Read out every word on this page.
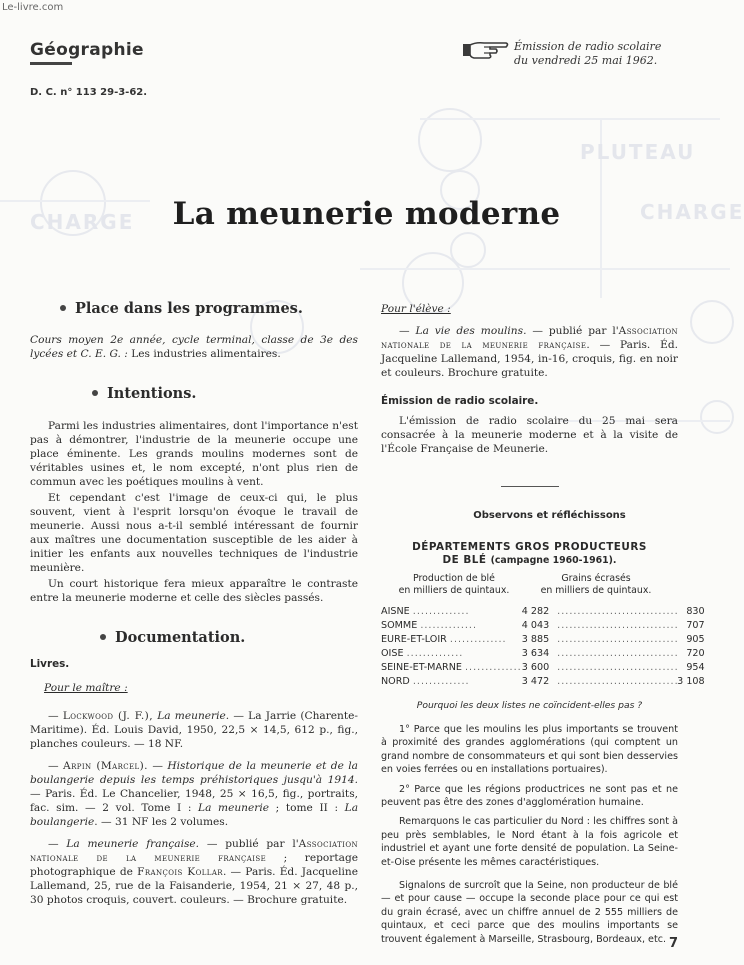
PLUTEAU
CHARGE
CHARGE
Le-livre.com
Géographie
D. C. n° 113 29-3-62.
Émission de radio scolaire
du vendredi 25 mai 1962.
La meunerie moderne
Place dans les programmes.

Cours moyen 2e année, cycle terminal, classe de 3e des lycées et C. E. G. : Les industries alimentaires.

Intentions.

Parmi les industries alimentaires, dont l'importance n'est pas à démontrer, l'industrie de la meunerie occupe une place éminente. Les grands moulins modernes sont de véritables usines et, le nom excepté, n'ont plus rien de commun avec les poétiques moulins à vent.

Et cependant c'est l'image de ceux-ci qui, le plus souvent, vient à l'esprit lorsqu'on évoque le travail de meunerie. Aussi nous a-t-il semblé intéressant de fournir aux maîtres une documentation susceptible de les aider à initier les enfants aux nouvelles techniques de l'industrie meunière.

Un court historique fera mieux apparaître le contraste entre la meunerie moderne et celle des siècles passés.

Documentation.

Livres.

Pour le maître :

— Lockwood (J. F.), La meunerie. — La Jarrie (Charente-Maritime). Éd. Louis David, 1950, 22,5 × 14,5, 612 p., fig., planches couleurs. — 18 NF.

— Arpin (Marcel). — Historique de la meunerie et de la boulangerie depuis les temps préhistoriques jusqu'à 1914. — Paris. Éd. Le Chancelier, 1948, 25 × 16,5, fig., portraits, fac. sim. — 2 vol. Tome I : La meunerie ; tome II : La boulangerie. — 31 NF les 2 volumes.

— La meunerie française. — publié par l'Association nationale de la meunerie française ; reportage photographique de François Kollar. — Paris. Éd. Jacqueline Lallemand, 25, rue de la Faisanderie, 1954, 21 × 27, 48 p., 30 photos croquis, couvert. couleurs. — Brochure gratuite.

Pour l'élève :

— La vie des moulins. — publié par l'Association nationale de la meunerie française. — Paris. Éd. Jacqueline Lallemand, 1954, in-16, croquis, fig. en noir et couleurs. Brochure gratuite.

Émission de radio scolaire.

L'émission de radio scolaire du 25 mai sera consacrée à la meunerie moderne et à la visite de l'École Française de Meunerie.

Observons et réfléchissons

DÉPARTEMENTS GROS PRODUCTEURS
DE BLÉ (campagne 1960-1961).
Production de blé
en milliers de quintaux.
Grains écrasés
en milliers de quintaux.
AISNE ..............	4 282	..............................	830
SOMME ..............	4 043	..............................	707
EURE-ET-LOIR ..............	3 885	..............................	905
OISE ..............	3 634	..............................	720
SEINE-ET-MARNE ..............	3 600	..............................	954
NORD ..............	3 472	..............................	3 108

Pourquoi les deux listes ne coïncident-elles pas ?

1° Parce que les moulins les plus importants se trouvent à proximité des grandes agglomérations (qui comptent un grand nombre de consommateurs et qui sont bien desservies en voies ferrées ou en installations portuaires).

2° Parce que les régions productrices ne sont pas et ne peuvent pas être des zones d'agglomération humaine.

Remarquons le cas particulier du Nord : les chiffres sont à peu près semblables, le Nord étant à la fois agricole et industriel et ayant une forte densité de population. La Seine-et-Oise présente les mêmes caractéristiques.

Signalons de surcroît que la Seine, non producteur de blé — et pour cause — occupe la seconde place pour ce qui est du grain écrasé, avec un chiffre annuel de 2 555 milliers de quintaux, et ceci parce que des moulins importants se trouvent également à Marseille, Strasbourg, Bordeaux, etc. 7
